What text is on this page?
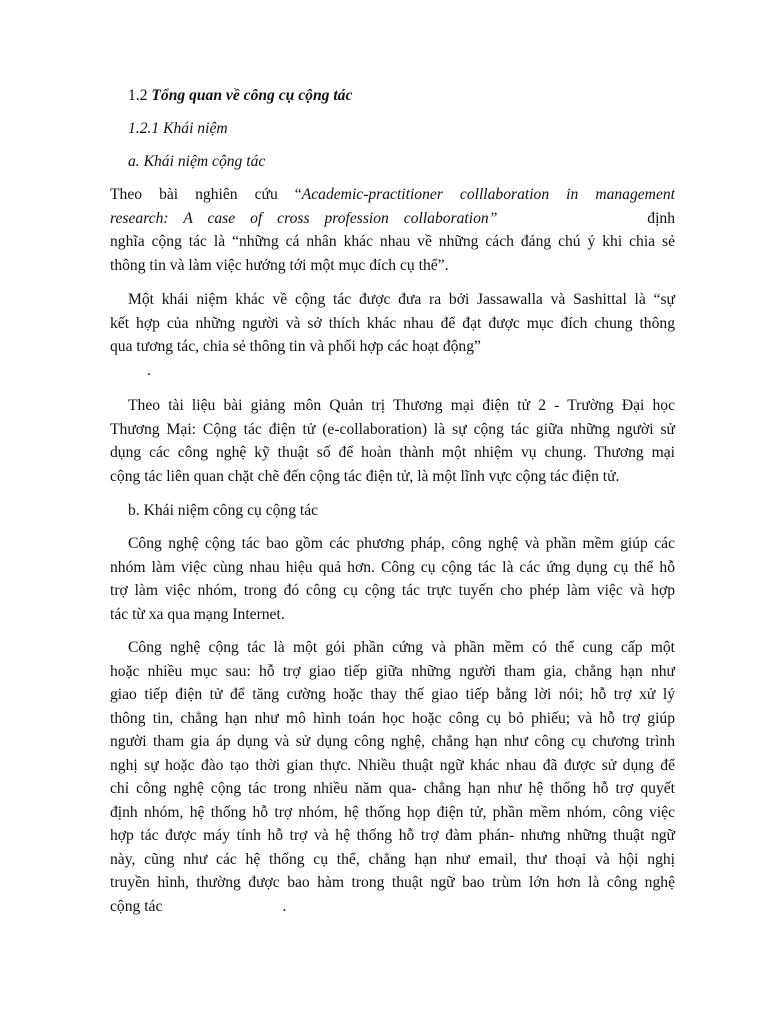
1.2 Tổng quan về công cụ cộng tác
1.2.1 Khái niệm
a. Khái niệm cộng tác
Theo bài nghiên cứu “Academic-practitioner colllaboration in management
research: A case of cross profession collaboration”	định
nghĩa cộng tác là “những cá nhân khác nhau về những cách đáng chú ý khi chia sẻ
thông tin và làm việc hướng tới một mục đích cụ thể”.
Một khái niệm khác về cộng tác được đưa ra bởi Jassawalla và Sashittal là “sự
kết hợp của những người và sở thích khác nhau để đạt được mục đích chung thông
qua tương tác, chia sẻ thông tin và phối hợp các hoạt động”
.
Theo tài liệu bài giảng môn Quản trị Thương mại điện tử 2 - Trường Đại học
Thương Mại: Cộng tác điện tử (e-collaboration) là sự cộng tác giữa những người sử
dụng các công nghệ kỹ thuật số để hoàn thành một nhiệm vụ chung. Thương mại
cộng tác liên quan chặt chẽ đến cộng tác điện tử, là một lĩnh vực cộng tác điện tử.
b. Khái niệm công cụ cộng tác
Công nghệ cộng tác bao gồm các phương pháp, công nghệ và phần mềm giúp các
nhóm làm việc cùng nhau hiệu quả hơn. Công cụ cộng tác là các ứng dụng cụ thể hỗ
trợ làm việc nhóm, trong đó công cụ cộng tác trực tuyến cho phép làm việc và hợp
tác từ xa qua mạng Internet.
Công nghệ cộng tác là một gói phần cứng và phần mềm có thể cung cấp một
hoặc nhiều mục sau: hỗ trợ giao tiếp giữa những người tham gia, chẳng hạn như
giao tiếp điện tử để tăng cường hoặc thay thế giao tiếp bằng lời nói; hỗ trợ xử lý
thông tin, chẳng hạn như mô hình toán học hoặc công cụ bỏ phiếu; và hỗ trợ giúp
người tham gia áp dụng và sử dụng công nghệ, chẳng hạn như công cụ chương trình
nghị sự hoặc đào tạo thời gian thực. Nhiều thuật ngữ khác nhau đã được sử dụng để
chỉ công nghệ cộng tác trong nhiều năm qua- chẳng hạn như hệ thống hỗ trợ quyết
định nhóm, hệ thống hỗ trợ nhóm, hệ thống họp điện tử, phần mềm nhóm, công việc
hợp tác được máy tính hỗ trợ và hệ thống hỗ trợ đàm phán- nhưng những thuật ngữ
này, cũng như các hệ thống cụ thể, chẳng hạn như email, thư thoại và hội nghị
truyền hình, thường được bao hàm trong thuật ngữ bao trùm lớn hơn là công nghệ
cộng tác	.
